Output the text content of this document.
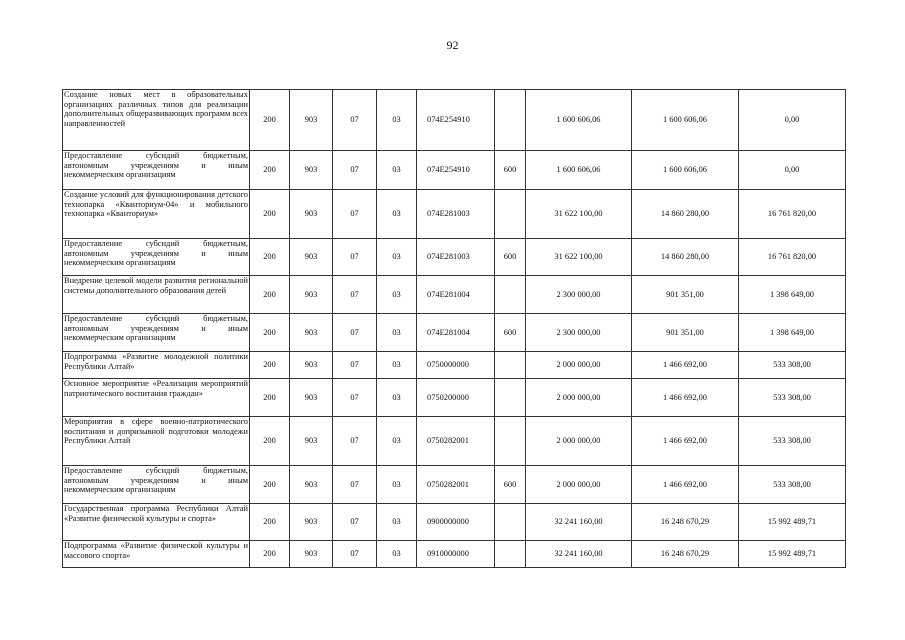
92
Создание новых мест в образовательных организациях различных типов для реализации дополнительных общеразвивающих программ всех направленностей	200	903	07	03	074E254910		1 600 606,06	1 600 606,06	0,00
Предоставление субсидий бюджетным, автономным учреждениям и иным некоммерческим организациям	200	903	07	03	074E254910	600	1 600 606,06	1 600 606,06	0,00
Создание условий для функционирования детского технопарка «Кванториум-04» и мобильного технопарка «Кванториум»	200	903	07	03	074E281003		31 622 100,00	14 860 280,00	16 761 820,00
Предоставление субсидий бюджетным, автономным учреждениям и иным некоммерческим организациям	200	903	07	03	074E281003	600	31 622 100,00	14 860 280,00	16 761 820,00
Внедрение целевой модели развития региональной системы дополнительного образования детей	200	903	07	03	074E281004		2 300 000,00	901 351,00	1 398 649,00
Предоставление субсидий бюджетным, автономным учреждениям и иным некоммерческим организациям	200	903	07	03	074E281004	600	2 300 000,00	901 351,00	1 398 649,00
Подпрограмма «Развитие молодежной политики Республики Алтай»	200	903	07	03	0750000000		2 000 000,00	1 466 692,00	533 308,00
Основное мероприятие «Реализация мероприятий патриотического воспитания граждан»	200	903	07	03	0750200000		2 000 000,00	1 466 692,00	533 308,00
Мероприятия в сфере военно-патриотического воспитания и допризывной подготовки молодежи Республики Алтай	200	903	07	03	0750282001		2 000 000,00	1 466 692,00	533 308,00
Предоставление субсидий бюджетным, автономным учреждениям и иным некоммерческим организациям	200	903	07	03	0750282001	600	2 000 000,00	1 466 692,00	533 308,00
Государственная программа Республики Алтай «Развитие физической культуры и спорта»	200	903	07	03	0900000000		32 241 160,00	16 248 670,29	15 992 489,71
Подпрограмма «Развитие физической культуры и массового спорта»	200	903	07	03	0910000000		32 241 160,00	16 248 670,29	15 992 489,71
